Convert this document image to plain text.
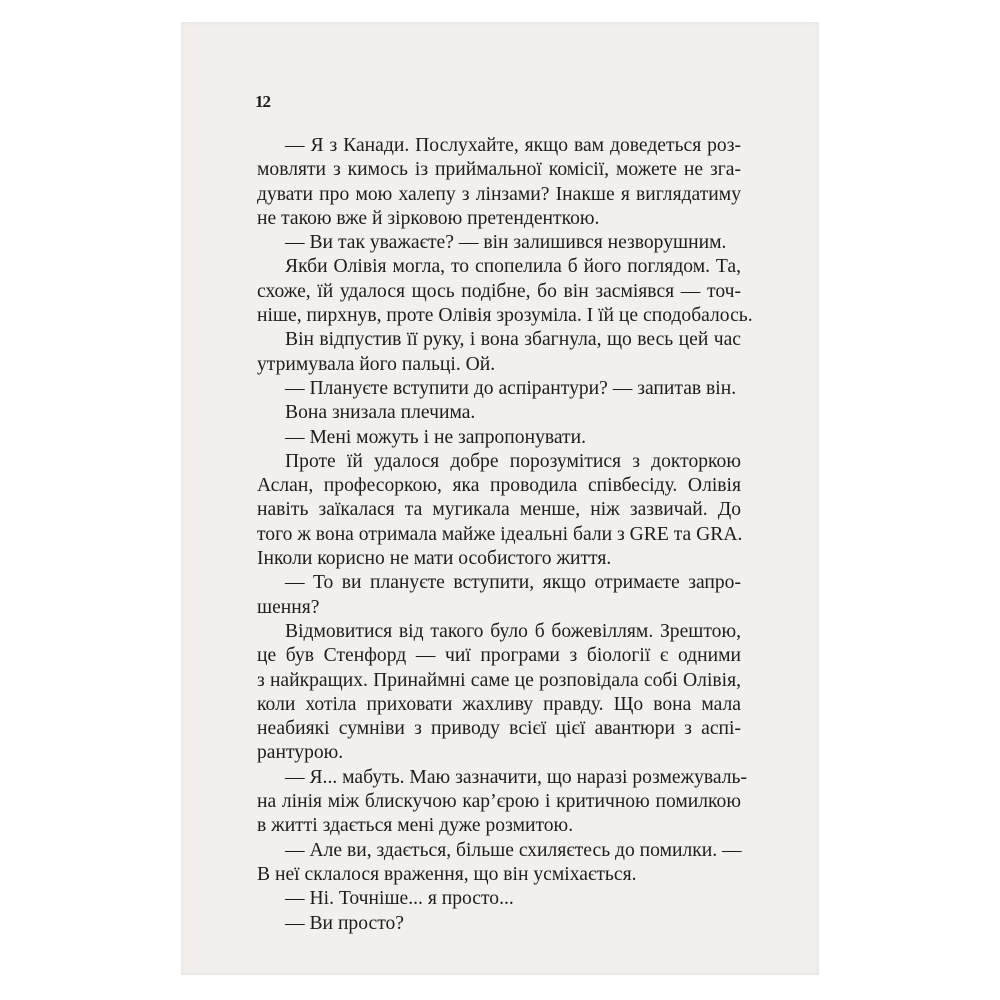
12
— Я з Канади. Послухайте, якщо вам доведеться роз-
мовляти з кимось із приймальної комісії, можете не зга-
дувати про мою халепу з лінзами? Інакше я виглядатиму
не такою вже й зірковою претенденткою.
— Ви так уважаєте? — він залишився незворушним.
Якби Олівія могла, то спопелила б його поглядом. Та,
схоже, їй удалося щось подібне, бо він засміявся — точ-
ніше, пирхнув, проте Олівія зрозуміла. І їй це сподобалось.
Він відпустив її руку, і вона збагнула, що весь цей час
утримувала його пальці. Ой.
— Плануєте вступити до аспірантури? — запитав він.
Вона знизала плечима.
— Мені можуть і не запропонувати.
Проте їй удалося добре порозумітися з докторкою
Аслан, професоркою, яка проводила співбесіду. Олівія
навіть заїкалася та мугикала менше, ніж зазвичай. До
того ж вона отримала майже ідеальні бали з GRE та GRA.
Інколи корисно не мати особистого життя.
— То ви плануєте вступити, якщо отримаєте запро-
шення?
Відмовитися від такого було б божевіллям. Зрештою,
це був Стенфорд — чиї програми з біології є одними
з найкращих. Принаймні саме це розповідала собі Олівія,
коли хотіла приховати жахливу правду. Що вона мала
неабиякі сумніви з приводу всієї цієї авантюри з аспі-
рантурою.
— Я... мабуть. Маю зазначити, що наразі розмежуваль-
на лінія між блискучою кар’єрою і критичною помилкою
в житті здається мені дуже розмитою.
— Але ви, здається, більше схиляєтесь до помилки. —
В неї склалося враження, що він усміхається.
— Ні. Точніше... я просто...
— Ви просто?
